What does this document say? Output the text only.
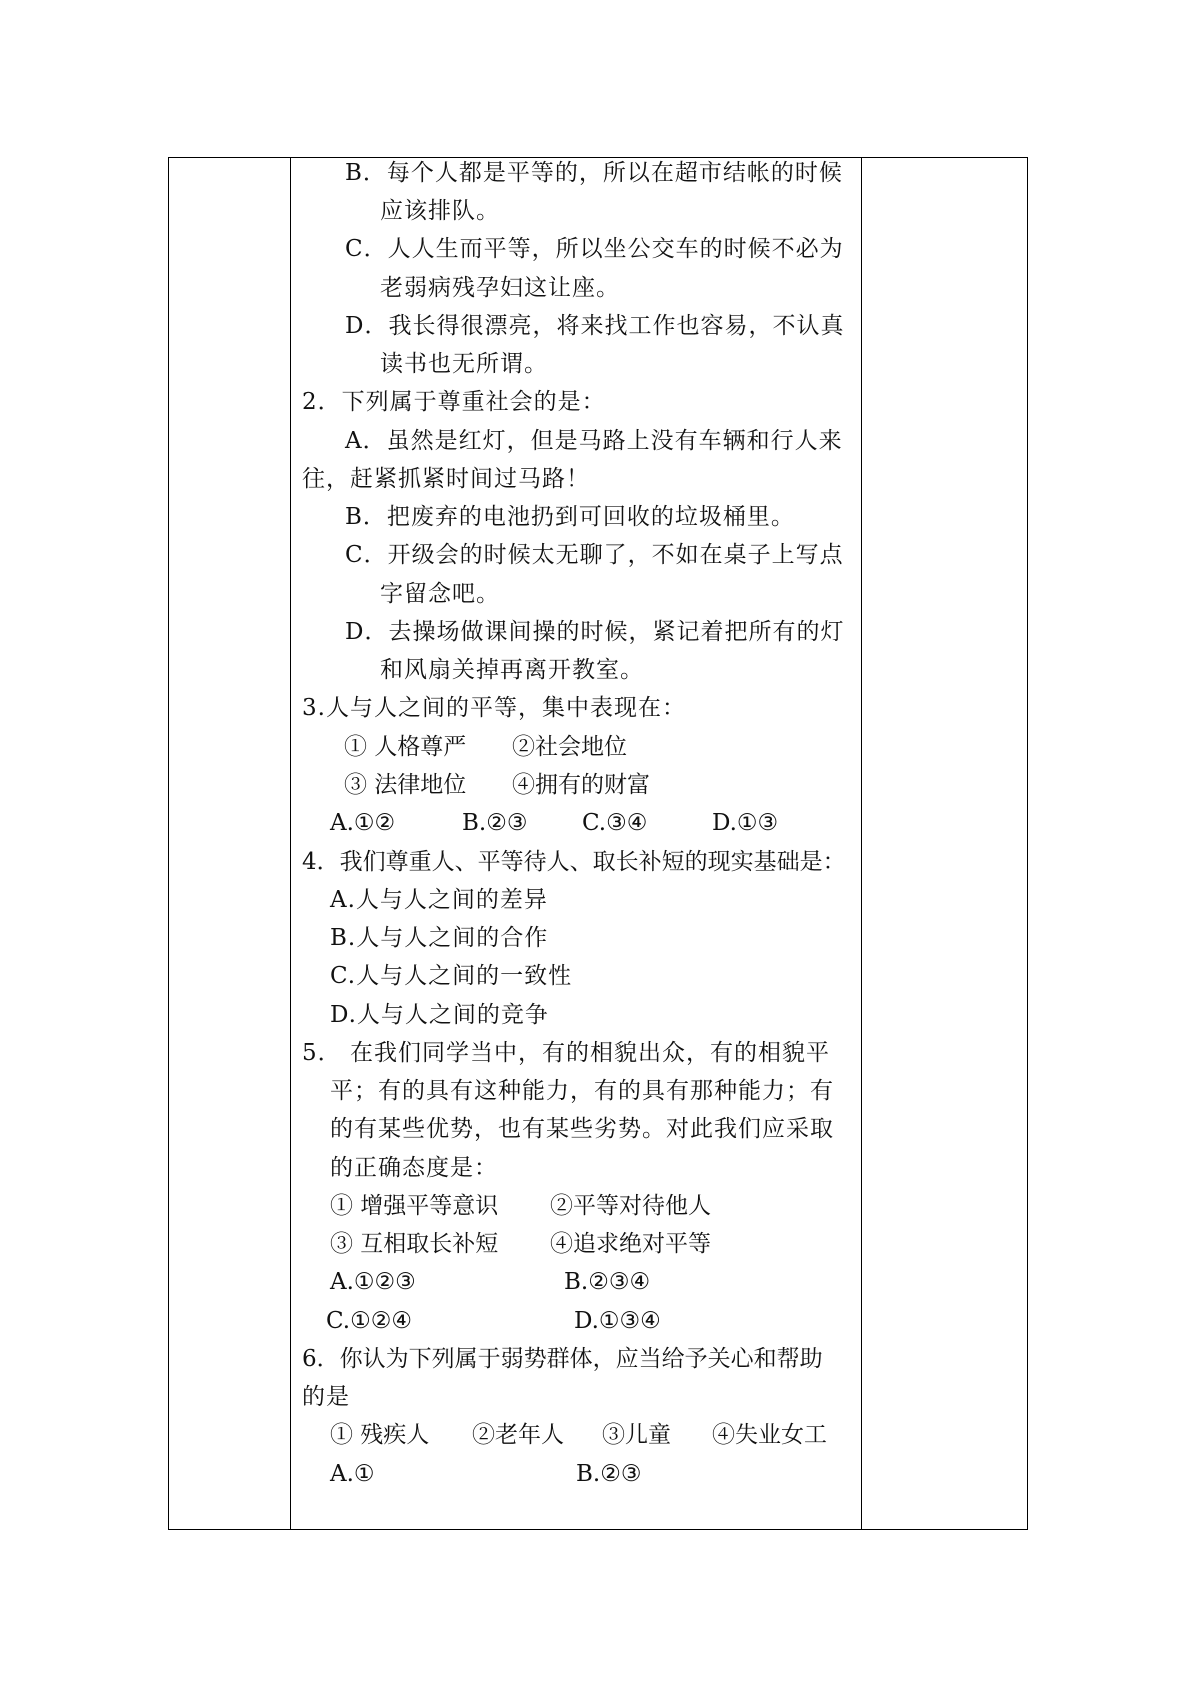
B．每个人都是平等的，所以在超市结帐的时候
应该排队。
C．人人生而平等，所以坐公交车的时候不必为
老弱病残孕妇这让座。
D．我长得很漂亮，将来找工作也容易，不认真
读书也无所谓。
2．下列属于尊重社会的是：
A．虽然是红灯，但是马路上没有车辆和行人来
往，赶紧抓紧时间过马路！
B．把废弃的电池扔到可回收的垃圾桶里。
C．开级会的时候太无聊了，不如在桌子上写点
字留念吧。
D．去操场做课间操的时候，紧记着把所有的灯
和风扇关掉再离开教室。
3.人与人之间的平等，集中表现在：
① 人格尊严 ②社会地位
③ 法律地位 ④拥有的财富
A.①②	B.②③ C.③④	D.①③
4．我们尊重人、平等待人、取长补短的现实基础是：
A.人与人之间的差异
B.人与人之间的合作
C.人与人之间的一致性
D.人与人之间的竞争
5． 在我们同学当中，有的相貌出众，有的相貌平
平；有的具有这种能力，有的具有那种能力；有
的有某些优势，也有某些劣势。对此我们应采取
的正确态度是：
① 增强平等意识 ②平等对待他人
③ 互相取长补短 ④追求绝对平等
A.①②③	B.②③④
C.①②④	D.①③④
6．你认为下列属于弱势群体，应当给予关心和帮助
的是
① 残疾人 ②老年人 ③儿童 ④失业女工
A.①	B.②③
